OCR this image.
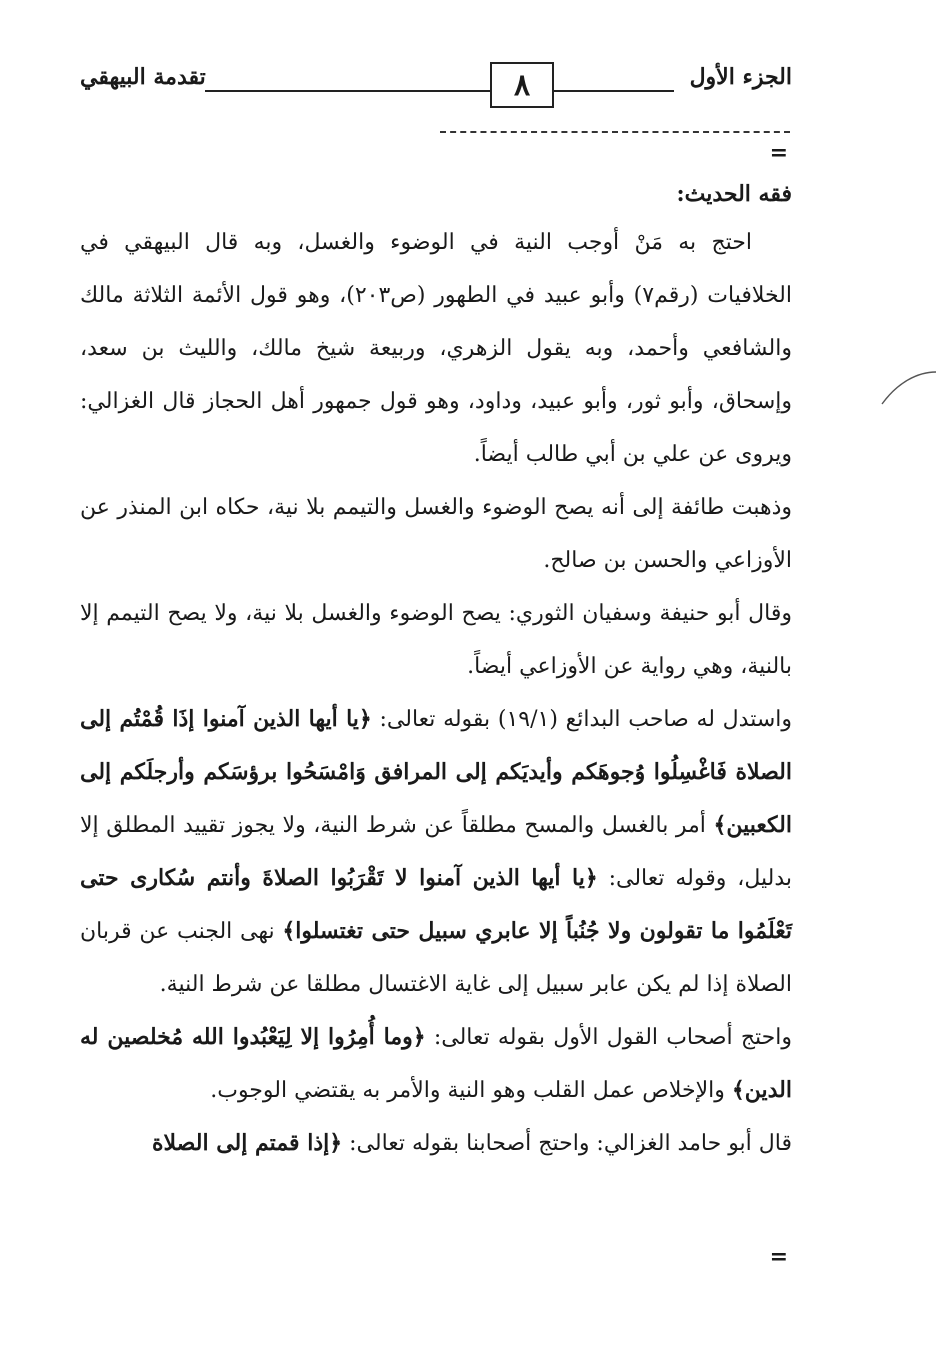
الجزء الأول
٨
تقدمة البيهقي
=

فقه الحديث:

احتج به مَنْ أوجب النية في الوضوء والغسل، وبه قال البيهقي في الخلافيات (رقم٧) وأبو عبيد في الطهور (ص٢٠٣)، وهو قول الأئمة الثلاثة مالك والشافعي وأحمد، وبه يقول الزهري، وربيعة شيخ مالك، والليث بن سعد، وإسحاق، وأبو ثور، وأبو عبيد، وداود، وهو قول جمهور أهل الحجاز قال الغزالي: ويروى عن علي بن أبي طالب أيضاً.

وذهبت طائفة إلى أنه يصح الوضوء والغسل والتيمم بلا نية، حكاه ابن المنذر عن الأوزاعي والحسن بن صالح.

وقال أبو حنيفة وسفيان الثوري: يصح الوضوء والغسل بلا نية، ولا يصح التيمم إلا بالنية، وهي رواية عن الأوزاعي أيضاً.

واستدل له صاحب البدائع (١٩/١) بقوله تعالى: ﴿يا أيها الذين آمنوا إذَا قُمْتُم إلى الصلاة فَاغْسِلُوا وُجوهَكم وأيديَكم إلى المرافق وَامْسَحُوا برؤسَكم وأرجلَكم إلى الكعبين﴾ أمر بالغسل والمسح مطلقاً عن شرط النية، ولا يجوز تقييد المطلق إلا بدليل، وقوله تعالى: ﴿يا أيها الذين آمنوا لا تَقْرَبُوا الصلاةَ وأنتم سُكارى حتى تَعْلَمُوا ما تقولون ولا جُنُباً إلا عابري سبيل حتى تغتسلوا﴾ نهى الجنب عن قربان الصلاة إذا لم يكن عابر سبيل إلى غاية الاغتسال مطلقا عن شرط النية.

واحتج أصحاب القول الأول بقوله تعالى: ﴿وما أُمِرُوا إلا لِيَعْبُدوا الله مُخلصين له الدين﴾ والإخلاص عمل القلب وهو النية والأمر به يقتضي الوجوب.

قال أبو حامد الغزالي: واحتج أصحابنا بقوله تعالى: ﴿إذا قمتم إلى الصلاة

=
